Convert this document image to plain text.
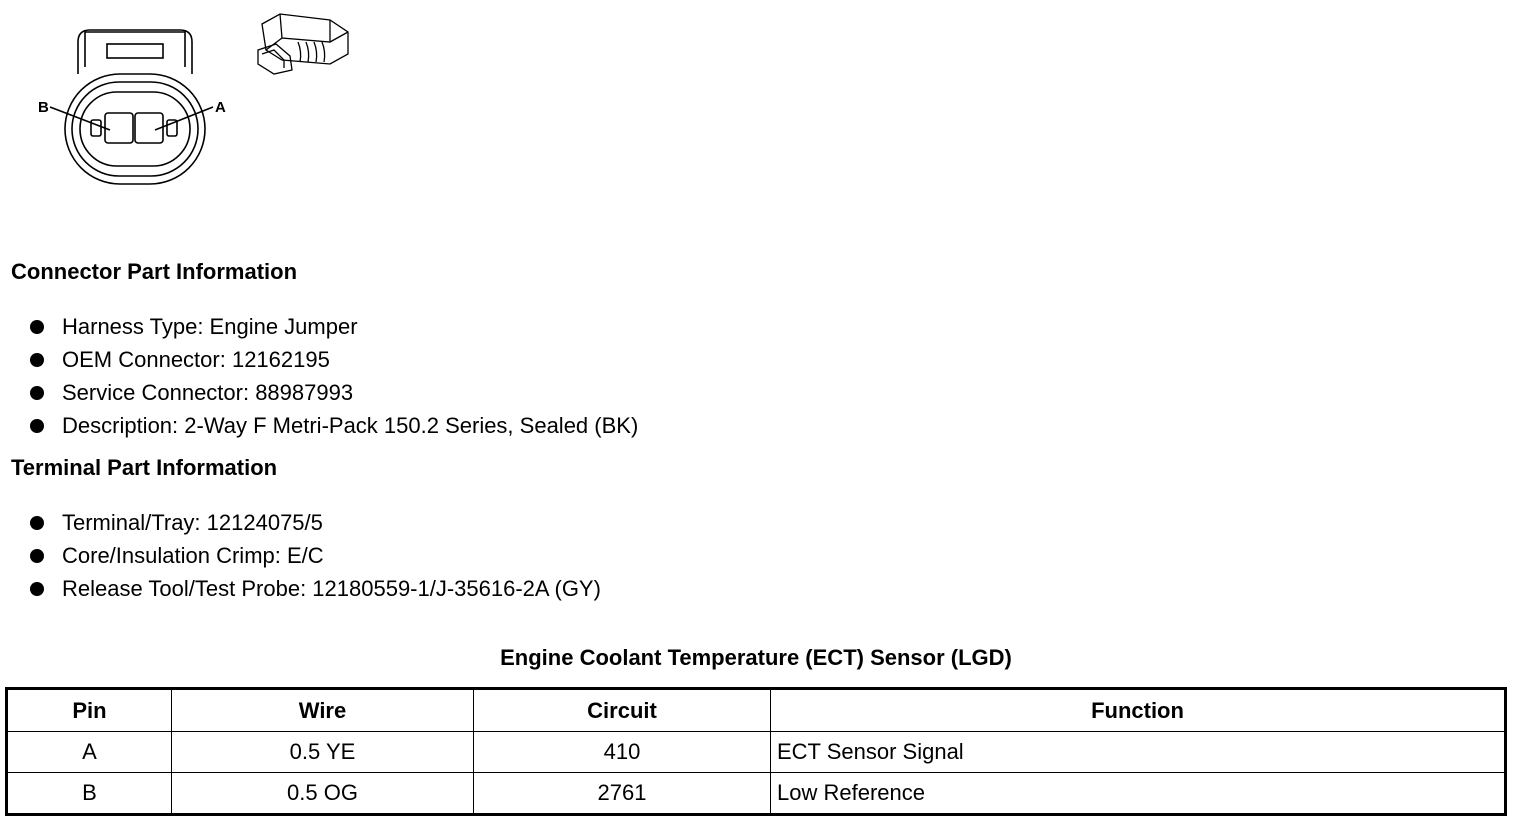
B	A
Connector Part Information
Harness Type: Engine Jumper
OEM Connector: 12162195
Service Connector: 88987993
Description: 2-Way F Metri-Pack 150.2 Series, Sealed (BK)
Terminal Part Information
Terminal/Tray: 12124075/5
Core/Insulation Crimp: E/C
Release Tool/Test Probe: 12180559-1/J-35616-2A (GY)
Engine Coolant Temperature (ECT) Sensor (LGD)
Pin	Wire	Circuit	Function
A	0.5 YE	410	ECT Sensor Signal
B	0.5 OG	2761	Low Reference
